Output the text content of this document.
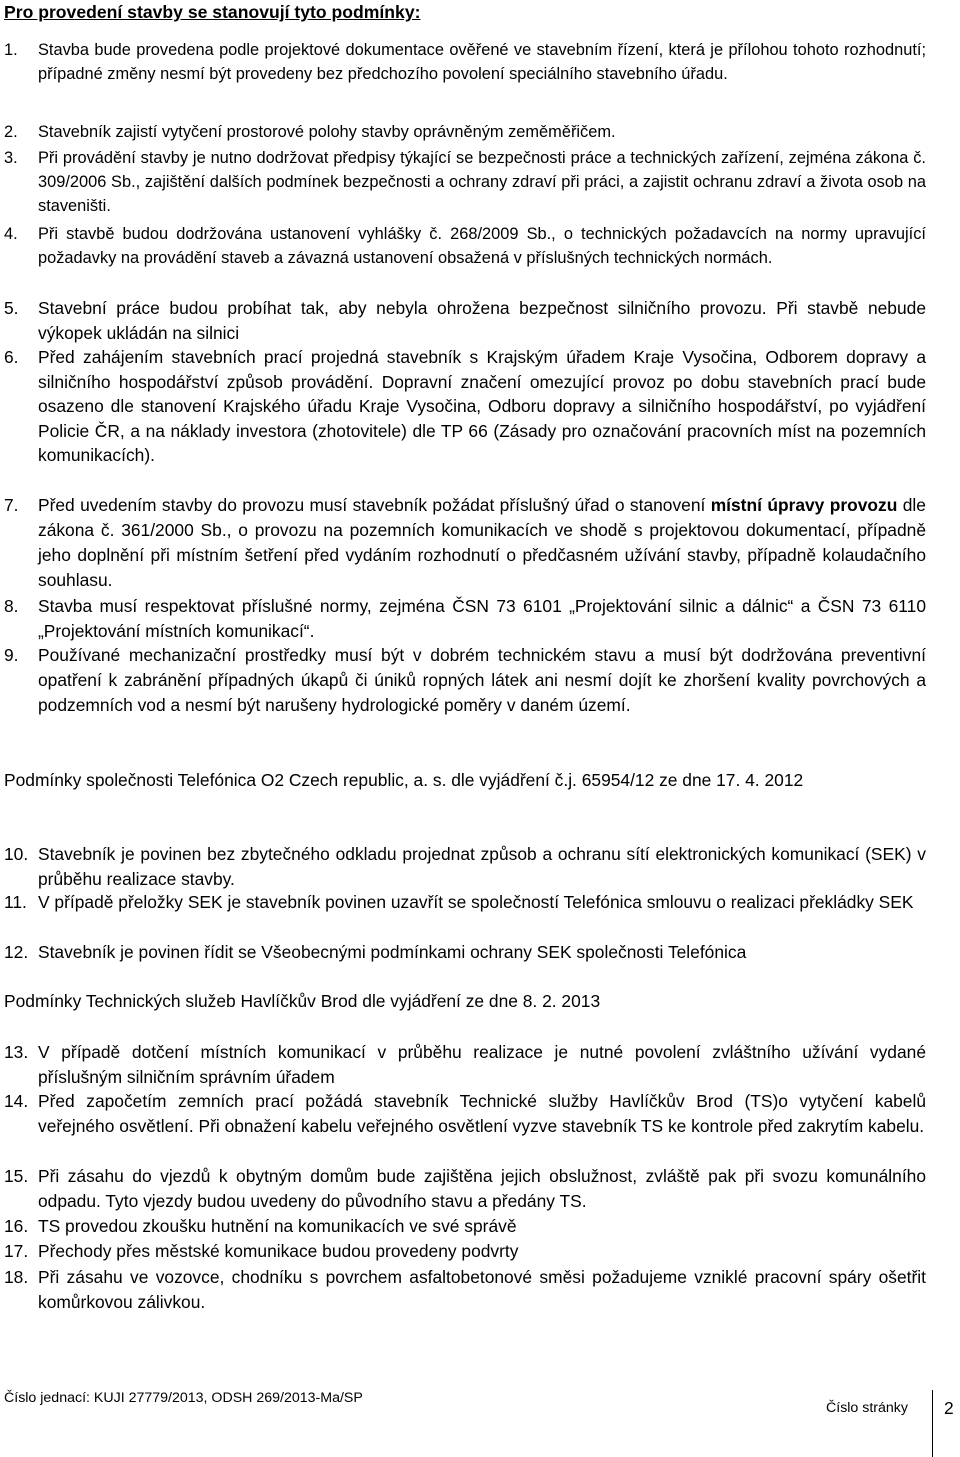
Pro provedení stavby se stanovují tyto podmínky:
1. Stavba bude provedena podle projektové dokumentace ověřené ve stavebním řízení, která je přílohou tohoto rozhodnutí; případné změny nesmí být provedeny bez předchozího povolení speciálního stavebního úřadu.
2. Stavebník zajistí vytyčení prostorové polohy stavby oprávněným zeměměřičem.
3. Při provádění stavby je nutno dodržovat předpisy týkající se bezpečnosti práce a technických zařízení, zejména zákona č. 309/2006 Sb., zajištění dalších podmínek bezpečnosti a ochrany zdraví při práci, a zajistit ochranu zdraví a života osob na staveništi.
4. Při stavbě budou dodržována ustanovení vyhlášky č. 268/2009 Sb., o technických požadavcích na normy upravující požadavky na provádění staveb a závazná ustanovení obsažená v příslušných technických normách.
5. Stavební práce budou probíhat tak, aby nebyla ohrožena bezpečnost silničního provozu. Při stavbě nebude výkopek ukládán na silnici
6. Před zahájením stavebních prací projedná stavebník s Krajským úřadem Kraje Vysočina, Odborem dopravy a silničního hospodářství způsob provádění. Dopravní značení omezující provoz po dobu stavebních prací bude osazeno dle stanovení Krajského úřadu Kraje Vysočina, Odboru dopravy a silničního hospodářství, po vyjádření Policie ČR, a na náklady investora (zhotovitele) dle TP 66 (Zásady pro označování pracovních míst na pozemních komunikacích).
7. Před uvedením stavby do provozu musí stavebník požádat příslušný úřad o stanovení místní úpravy provozu dle zákona č. 361/2000 Sb., o provozu na pozemních komunikacích ve shodě s projektovou dokumentací, případně jeho doplnění při místním šetření před vydáním rozhodnutí o předčasném užívání stavby, případně kolaudačního souhlasu.
8. Stavba musí respektovat příslušné normy, zejména ČSN 73 6101 „Projektování silnic a dálnic“ a ČSN 73 6110 „Projektování místních komunikací“.
9. Používané mechanizační prostředky musí být v dobrém technickém stavu a musí být dodržována preventivní opatření k zabránění případných úkapů či úniků ropných látek ani nesmí dojít ke zhoršení kvality povrchových a podzemních vod a nesmí být narušeny hydrologické poměry v daném území.
Podmínky společnosti Telefónica O2 Czech republic, a. s. dle vyjádření č.j. 65954/12 ze dne 17. 4. 2012
10. Stavebník je povinen bez zbytečného odkladu projednat způsob a ochranu sítí elektronických komunikací (SEK) v průběhu realizace stavby.
11. V případě přeložky SEK je stavebník povinen uzavřít se společností Telefónica smlouvu o realizaci překládky SEK
12. Stavebník je povinen řídit se Všeobecnými podmínkami ochrany SEK společnosti Telefónica
Podmínky Technických služeb Havlíčkův Brod dle vyjádření ze dne 8. 2. 2013
13. V případě dotčení místních komunikací v průběhu realizace je nutné povolení zvláštního užívání vydané příslušným silničním správním úřadem
14. Před započetím zemních prací požádá stavebník Technické služby Havlíčkův Brod (TS)o vytyčení kabelů veřejného osvětlení. Při obnažení kabelu veřejného osvětlení vyzve stavebník TS ke kontrole před zakrytím kabelu.
15. Při zásahu do vjezdů k obytným domům bude zajištěna jejich obslužnost, zvláště pak při svozu komunálního odpadu. Tyto vjezdy budou uvedeny do původního stavu a předány TS.
16. TS provedou zkoušku hutnění na komunikacích ve své správě
17. Přechody přes městské komunikace budou provedeny podvrty
18. Při zásahu ve vozovce, chodníku s povrchem asfaltobetonové směsi požadujeme vzniklé pracovní spáry ošetřit komůrkovou zálivkou.
Číslo jednací: KUJI 27779/2013, ODSH 269/2013-Ma/SP
Číslo stránky 2
